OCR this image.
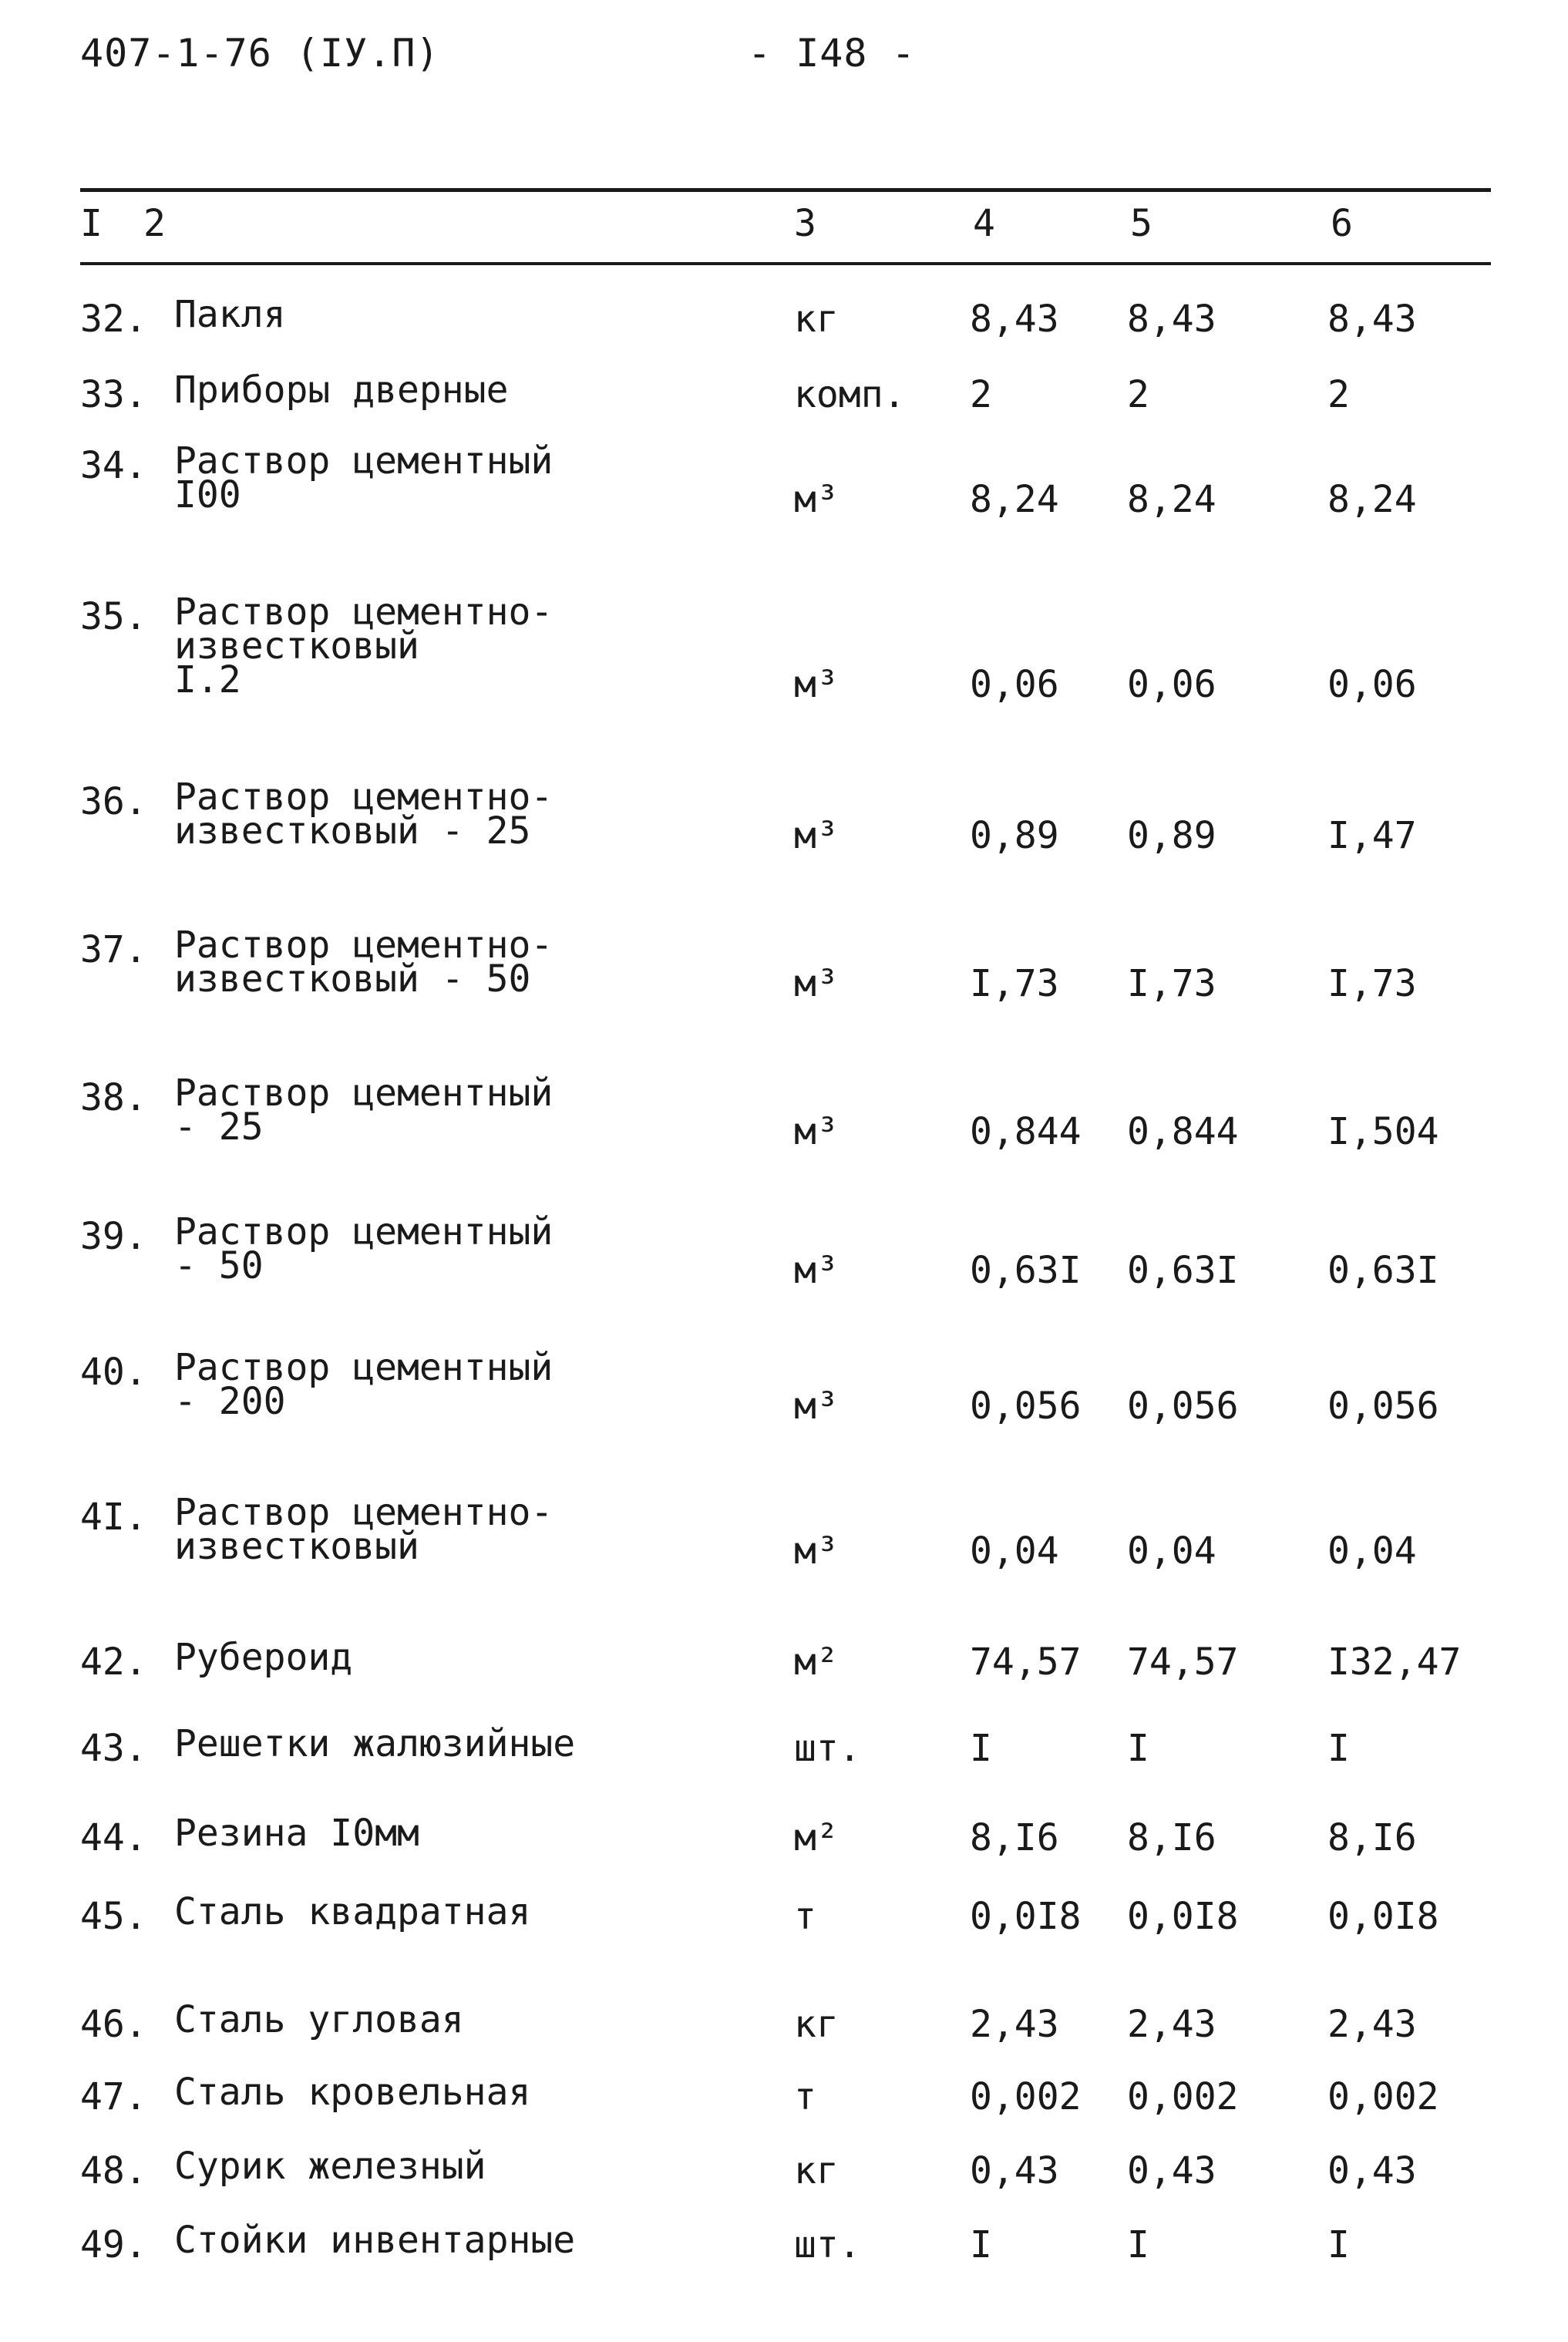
407-1-76 (IУ.П)	- I48 -
I 2	3	4	5	6
32. Пакля	кг	8,43 8,43	8,43
33. Приборы дверные	комп. 2	2	2
34. Раствор цементный
I00	м³	8,24 8,24	8,24
35. Раствор цементно-
известковый
I.2	м³	0,06 0,06	0,06
36. Раствор цементно-
известковый - 25	м³	0,89 0,89	I,47
37. Раствор цементно-
известковый - 50	м³	I,73 I,73	I,73
38. Раствор цементный
- 25	м³	0,844 0,844 I,504
39. Раствор цементный
- 50	м³	0,63I 0,63I 0,63I
40. Раствор цементный
- 200	м³	0,056 0,056 0,056
4I. Раствор цементно-
известковый	м³	0,04 0,04	0,04
42. Рубероид	м²	74,57 74,57 I32,47
43. Решетки жалюзийные	шт.	I	I	I
44. Резина I0мм	м²	8,I6 8,I6	8,I6
45. Сталь квадратная	т	0,0I8 0,0I8 0,0I8
46. Сталь угловая	кг	2,43 2,43	2,43
47. Сталь кровельная	т	0,002 0,002 0,002
48. Сурик железный	кг	0,43 0,43	0,43
49. Стойки инвентарные	шт.	I	I	I
